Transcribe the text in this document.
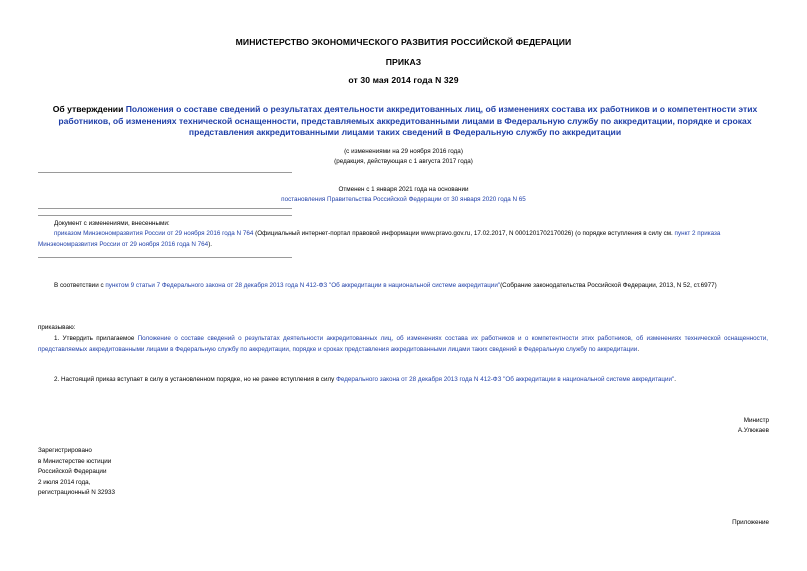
МИНИСТЕРСТВО ЭКОНОМИЧЕСКОГО РАЗВИТИЯ РОССИЙСКОЙ ФЕДЕРАЦИИ
ПРИКАЗ
от 30 мая 2014 года N 329
Об утверждении Положения о составе сведений о результатах деятельности аккредитованных лиц, об изменениях состава их работников и о компетентности этих работников, об изменениях технической оснащенности, представляемых аккредитованными лицами в Федеральную службу по аккредитации, порядке и сроках представления аккредитованными лицами таких сведений в Федеральную службу по аккредитации
(с изменениями на 29 ноября 2016 года)
(редакция, действующая с 1 августа 2017 года)
Отменен с 1 января 2021 года на основании
постановления Правительства Российской Федерации от 30 января 2020 года N 65
Документ с изменениями, внесенными:
приказом Минэкономразвития России от 29 ноября 2016 года N 764 (Официальный интернет-портал правовой информации www.pravo.gov.ru, 17.02.2017, N 0001201702170026) (о порядке вступления в силу см. пункт 2 приказа Минэкономразвития России от 29 ноября 2016 года N 764).
В соответствии с пунктом 9 статьи 7 Федерального закона от 28 декабря 2013 года N 412-ФЗ "Об аккредитации в национальной системе аккредитации"(Собрание законодательства Российской Федерации, 2013, N 52, ст.6977)
приказываю:
1. Утвердить прилагаемое Положение о составе сведений о результатах деятельности аккредитованных лиц, об изменениях состава их работников и о компетентности этих работников, об изменениях технической оснащенности, представляемых аккредитованными лицами в Федеральную службу по аккредитации, порядке и сроках представления аккредитованными лицами таких сведений в Федеральную службу по аккредитации.
2. Настоящий приказ вступает в силу в установленном порядке, но не ранее вступления в силу Федерального закона от 28 декабря 2013 года N 412-ФЗ "Об аккредитации в национальной системе аккредитации".
Министр
А.Улюкаев
Зарегистрировано
в Министерстве юстиции
Российской Федерации
2 июля 2014 года,
регистрационный N 32933
Приложение
